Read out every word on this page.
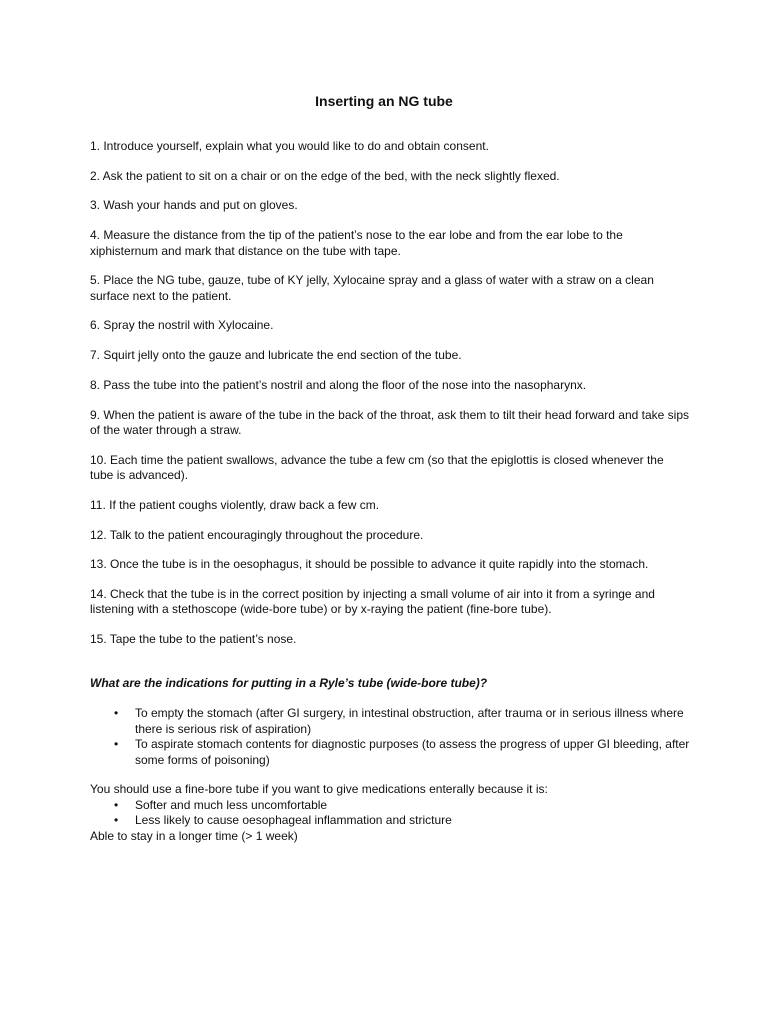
Inserting an NG tube

1. Introduce yourself, explain what you would like to do and obtain consent.

2. Ask the patient to sit on a chair or on the edge of the bed, with the neck slightly flexed.

3. Wash your hands and put on gloves.

4. Measure the distance from the tip of the patient’s nose to the ear lobe and from the ear lobe to the xiphisternum and mark that distance on the tube with tape.

5. Place the NG tube, gauze, tube of KY jelly, Xylocaine spray and a glass of water with a straw on a clean surface next to the patient.

6. Spray the nostril with Xylocaine.

7. Squirt jelly onto the gauze and lubricate the end section of the tube.

8. Pass the tube into the patient’s nostril and along the floor of the nose into the nasopharynx.

9. When the patient is aware of the tube in the back of the throat, ask them to tilt their head forward and take sips of the water through a straw.

10. Each time the patient swallows, advance the tube a few cm (so that the epiglottis is closed whenever the tube is advanced).

11. If the patient coughs violently, draw back a few cm.

12. Talk to the patient encouragingly throughout the procedure.

13. Once the tube is in the oesophagus, it should be possible to advance it quite rapidly into the stomach.

14. Check that the tube is in the correct position by injecting a small volume of air into it from a syringe and listening with a stethoscope (wide-bore tube) or by x-raying the patient (fine-bore tube).

15. Tape the tube to the patient’s nose.

What are the indications for putting in a Ryle’s tube (wide-bore tube)?
• To empty the stomach (after GI surgery, in intestinal obstruction, after trauma or in serious illness where there is serious risk of aspiration)
• To aspirate stomach contents for diagnostic purposes (to assess the progress of upper GI bleeding, after some forms of poisoning)
You should use a fine-bore tube if you want to give medications enterally because it is:
• Softer and much less uncomfortable
• Less likely to cause oesophageal inflammation and stricture
Able to stay in a longer time (> 1 week)
